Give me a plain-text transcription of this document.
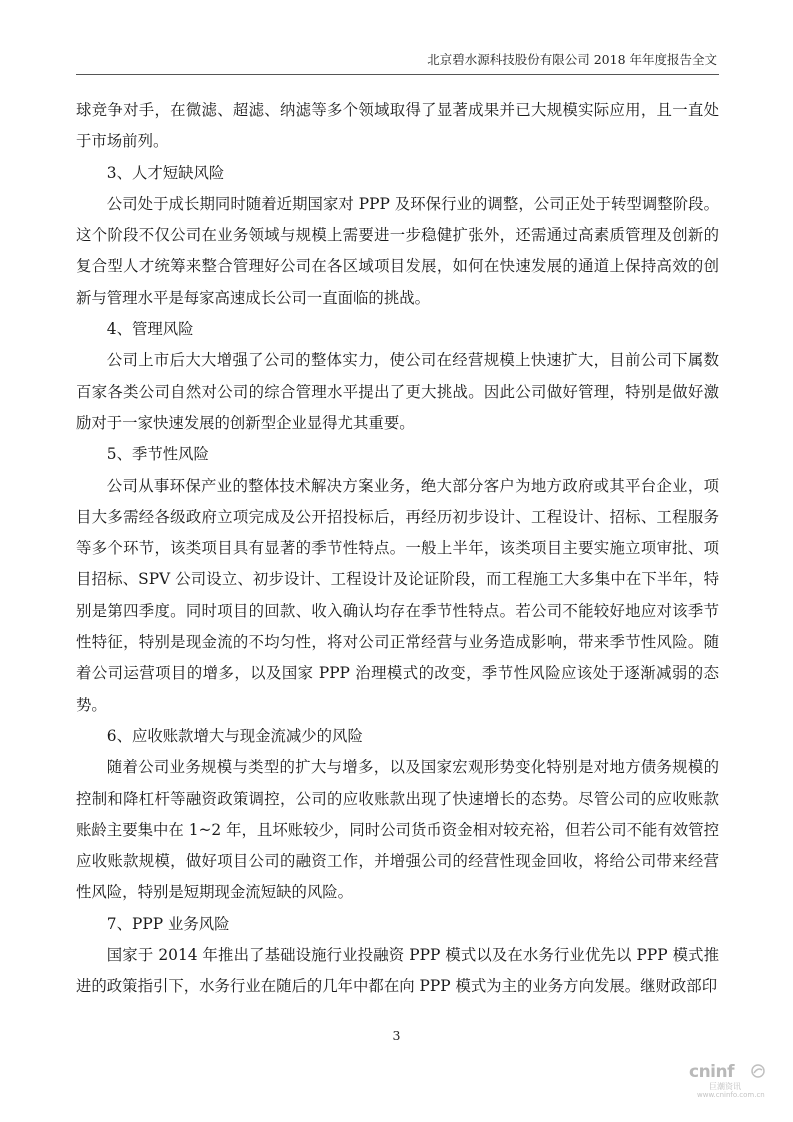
北京碧水源科技股份有限公司 2018 年年度报告全文

球竞争对手，在微滤、超滤、纳滤等多个领域取得了显著成果并已大规模实际应用，且一直处于市场前列。

3、人才短缺风险

公司处于成长期同时随着近期国家对 PPP 及环保行业的调整，公司正处于转型调整阶段。这个阶段不仅公司在业务领域与规模上需要进一步稳健扩张外，还需通过高素质管理及创新的复合型人才统筹来整合管理好公司在各区域项目发展，如何在快速发展的通道上保持高效的创新与管理水平是每家高速成长公司一直面临的挑战。

4、管理风险

公司上市后大大增强了公司的整体实力，使公司在经营规模上快速扩大，目前公司下属数百家各类公司自然对公司的综合管理水平提出了更大挑战。因此公司做好管理，特别是做好激励对于一家快速发展的创新型企业显得尤其重要。

5、季节性风险

公司从事环保产业的整体技术解决方案业务，绝大部分客户为地方政府或其平台企业，项目大多需经各级政府立项完成及公开招投标后，再经历初步设计、工程设计、招标、工程服务等多个环节，该类项目具有显著的季节性特点。一般上半年，该类项目主要实施立项审批、项目招标、SPV 公司设立、初步设计、工程设计及论证阶段，而工程施工大多集中在下半年，特别是第四季度。同时项目的回款、收入确认均存在季节性特点。若公司不能较好地应对该季节性特征，特别是现金流的不均匀性，将对公司正常经营与业务造成影响，带来季节性风险。随着公司运营项目的增多，以及国家 PPP 治理模式的改变，季节性风险应该处于逐渐减弱的态势。

6、应收账款增大与现金流减少的风险

随着公司业务规模与类型的扩大与增多，以及国家宏观形势变化特别是对地方债务规模的控制和降杠杆等融资政策调控，公司的应收账款出现了快速增长的态势。尽管公司的应收账款账龄主要集中在 1~2 年，且坏账较少，同时公司货币资金相对较充裕，但若公司不能有效管控应收账款规模，做好项目公司的融资工作，并增强公司的经营性现金回收，将给公司带来经营性风险，特别是短期现金流短缺的风险。

7、PPP 业务风险

国家于 2014 年推出了基础设施行业投融资 PPP 模式以及在水务行业优先以 PPP 模式推进的政策指引下，水务行业在随后的几年中都在向 PPP 模式为主的业务方向发展。继财政部印

3
cninf
巨潮资讯
www.cninfo.com.cn
